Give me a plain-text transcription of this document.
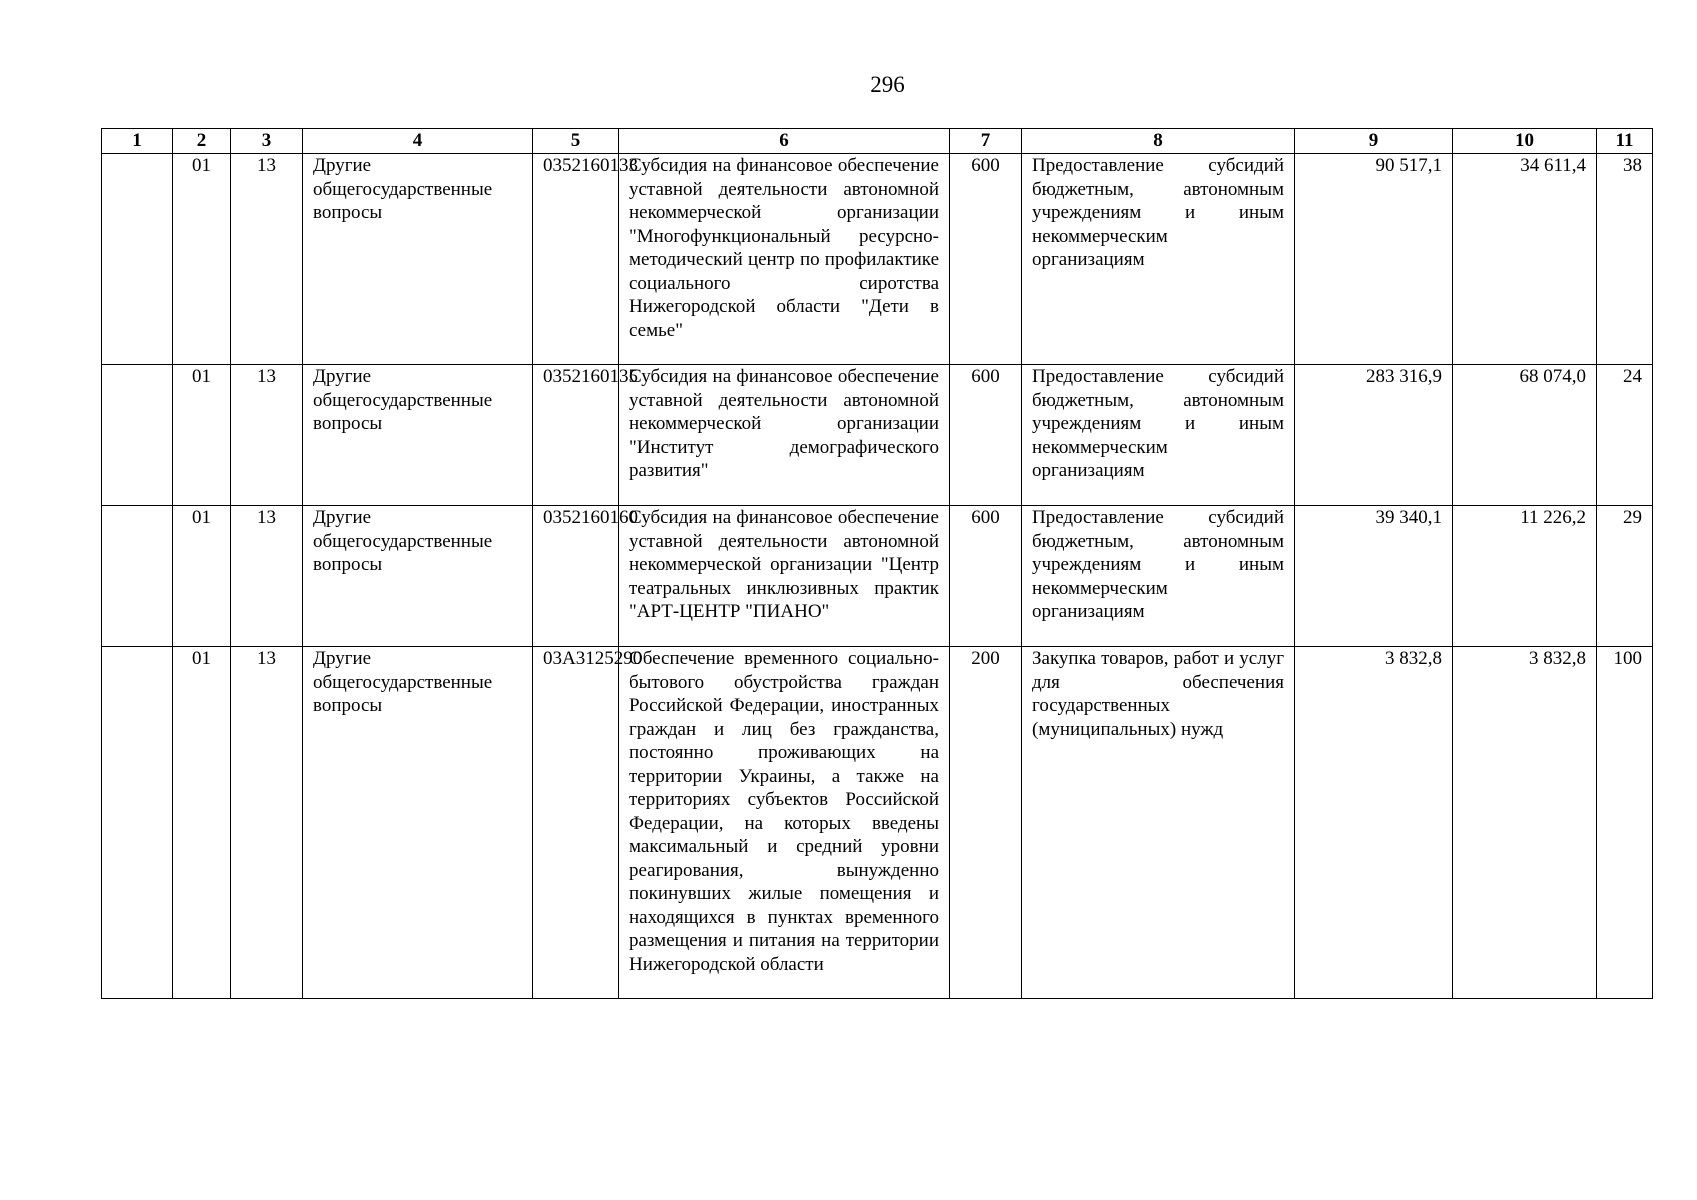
296
1	2	3	4	5	6	7	8	9	10	11
	01	13	Другие общегосударственные вопросы	0352160133	Субсидия на финансовое обеспечение уставной деятельности автономной некоммерческой организации "Многофункциональный ресурсно-методический центр по профилактике социального сиротства Нижегородской области "Дети в семье"	600	Предоставление субсидий бюджетным, автономным учреждениям и иным некоммерческим организациям	90 517,1	34 611,4	38
	01	13	Другие общегосударственные вопросы	0352160135	Субсидия на финансовое обеспечение уставной деятельности автономной некоммерческой организации "Институт демографического развития"	600	Предоставление субсидий бюджетным, автономным учреждениям и иным некоммерческим организациям	283 316,9	68 074,0	24
	01	13	Другие общегосударственные вопросы	0352160160	Субсидия на финансовое обеспечение уставной деятельности автономной некоммерческой организации "Центр театральных инклюзивных практик "АРТ-ЦЕНТР "ПИАНО"	600	Предоставление субсидий бюджетным, автономным учреждениям и иным некоммерческим организациям	39 340,1	11 226,2	29
	01	13	Другие общегосударственные вопросы	03А3125290	Обеспечение временного социально-бытового обустройства граждан Российской Федерации, иностранных граждан и лиц без гражданства, постоянно проживающих на территории Украины, а также на территориях субъектов Российской Федерации, на которых введены максимальный и средний уровни реагирования, вынужденно покинувших жилые помещения и находящихся в пунктах временного размещения и питания на территории Нижегородской области	200	Закупка товаров, работ и услуг для обеспечения государственных (муниципальных) нужд	3 832,8	3 832,8	100
